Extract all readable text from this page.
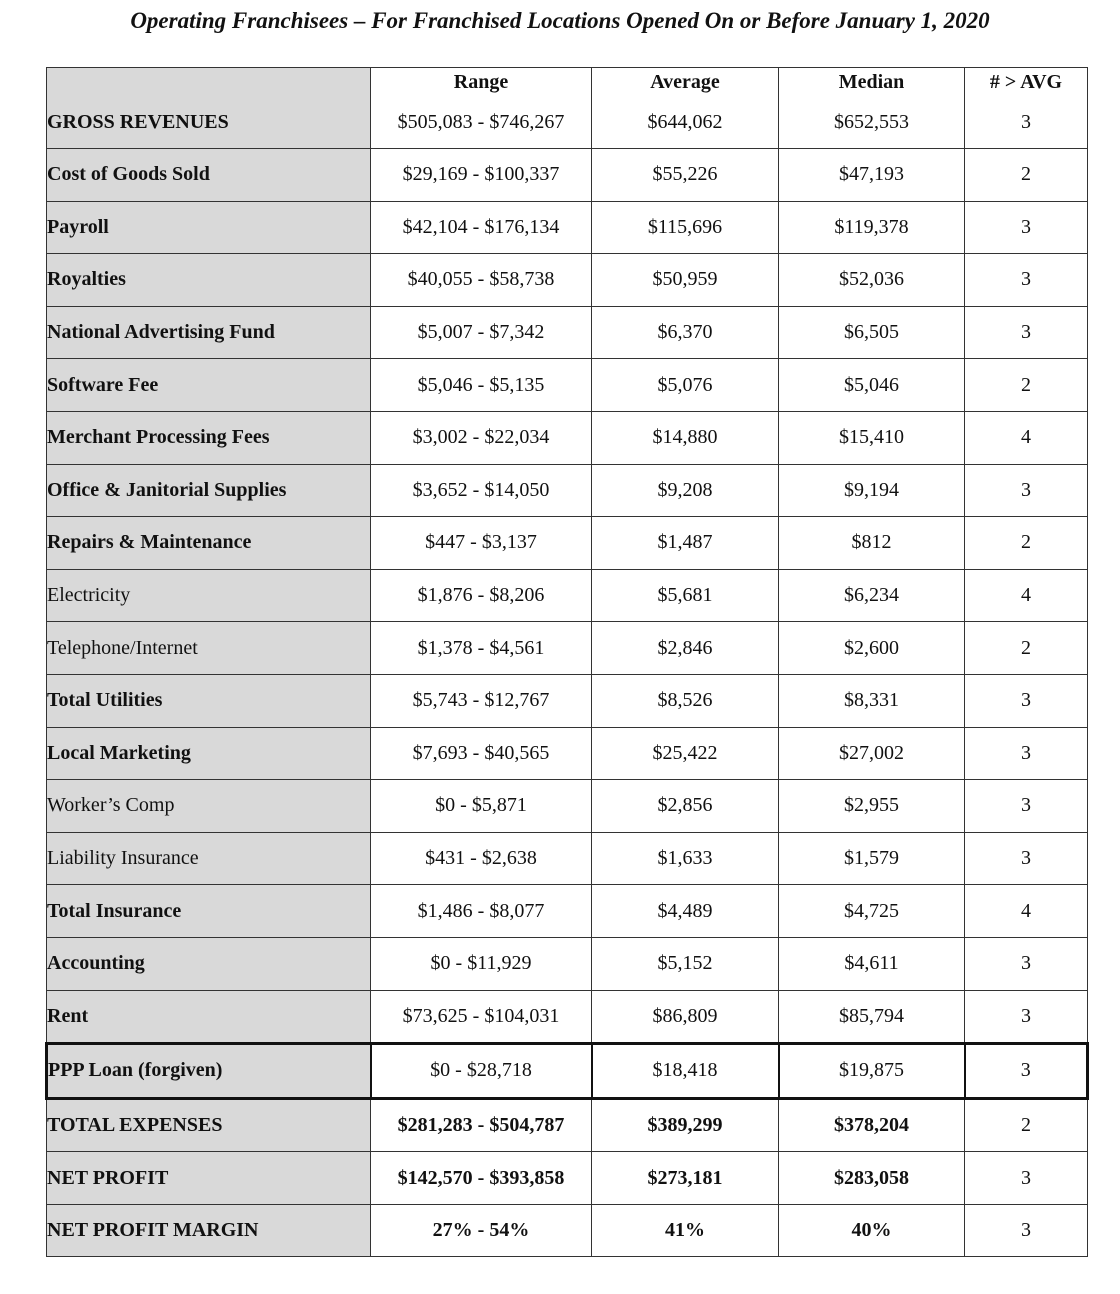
Operating Franchisees – For Franchised Locations Opened On or Before January 1, 2020
	Range	Average	Median	# > AVG
GROSS REVENUES	$505,083 - $746,267	$644,062	$652,553	3
Cost of Goods Sold	$29,169 - $100,337	$55,226	$47,193	2
Payroll	$42,104 - $176,134	$115,696	$119,378	3
Royalties	$40,055 - $58,738	$50,959	$52,036	3
National Advertising Fund	$5,007 - $7,342	$6,370	$6,505	3
Software Fee	$5,046 - $5,135	$5,076	$5,046	2
Merchant Processing Fees	$3,002 - $22,034	$14,880	$15,410	4
Office & Janitorial Supplies	$3,652 - $14,050	$9,208	$9,194	3
Repairs & Maintenance	$447 - $3,137	$1,487	$812	2
Electricity	$1,876 - $8,206	$5,681	$6,234	4
Telephone/Internet	$1,378 - $4,561	$2,846	$2,600	2
Total Utilities	$5,743 - $12,767	$8,526	$8,331	3
Local Marketing	$7,693 - $40,565	$25,422	$27,002	3
Worker’s Comp	$0 - $5,871	$2,856	$2,955	3
Liability Insurance	$431 - $2,638	$1,633	$1,579	3
Total Insurance	$1,486 - $8,077	$4,489	$4,725	4
Accounting	$0 - $11,929	$5,152	$4,611	3
Rent	$73,625 - $104,031	$86,809	$85,794	3
PPP Loan (forgiven)	$0 - $28,718	$18,418	$19,875	3
TOTAL EXPENSES	$281,283 - $504,787	$389,299	$378,204	2
NET PROFIT	$142,570 - $393,858	$273,181	$283,058	3
NET PROFIT MARGIN	27% - 54%	41%	40%	3
